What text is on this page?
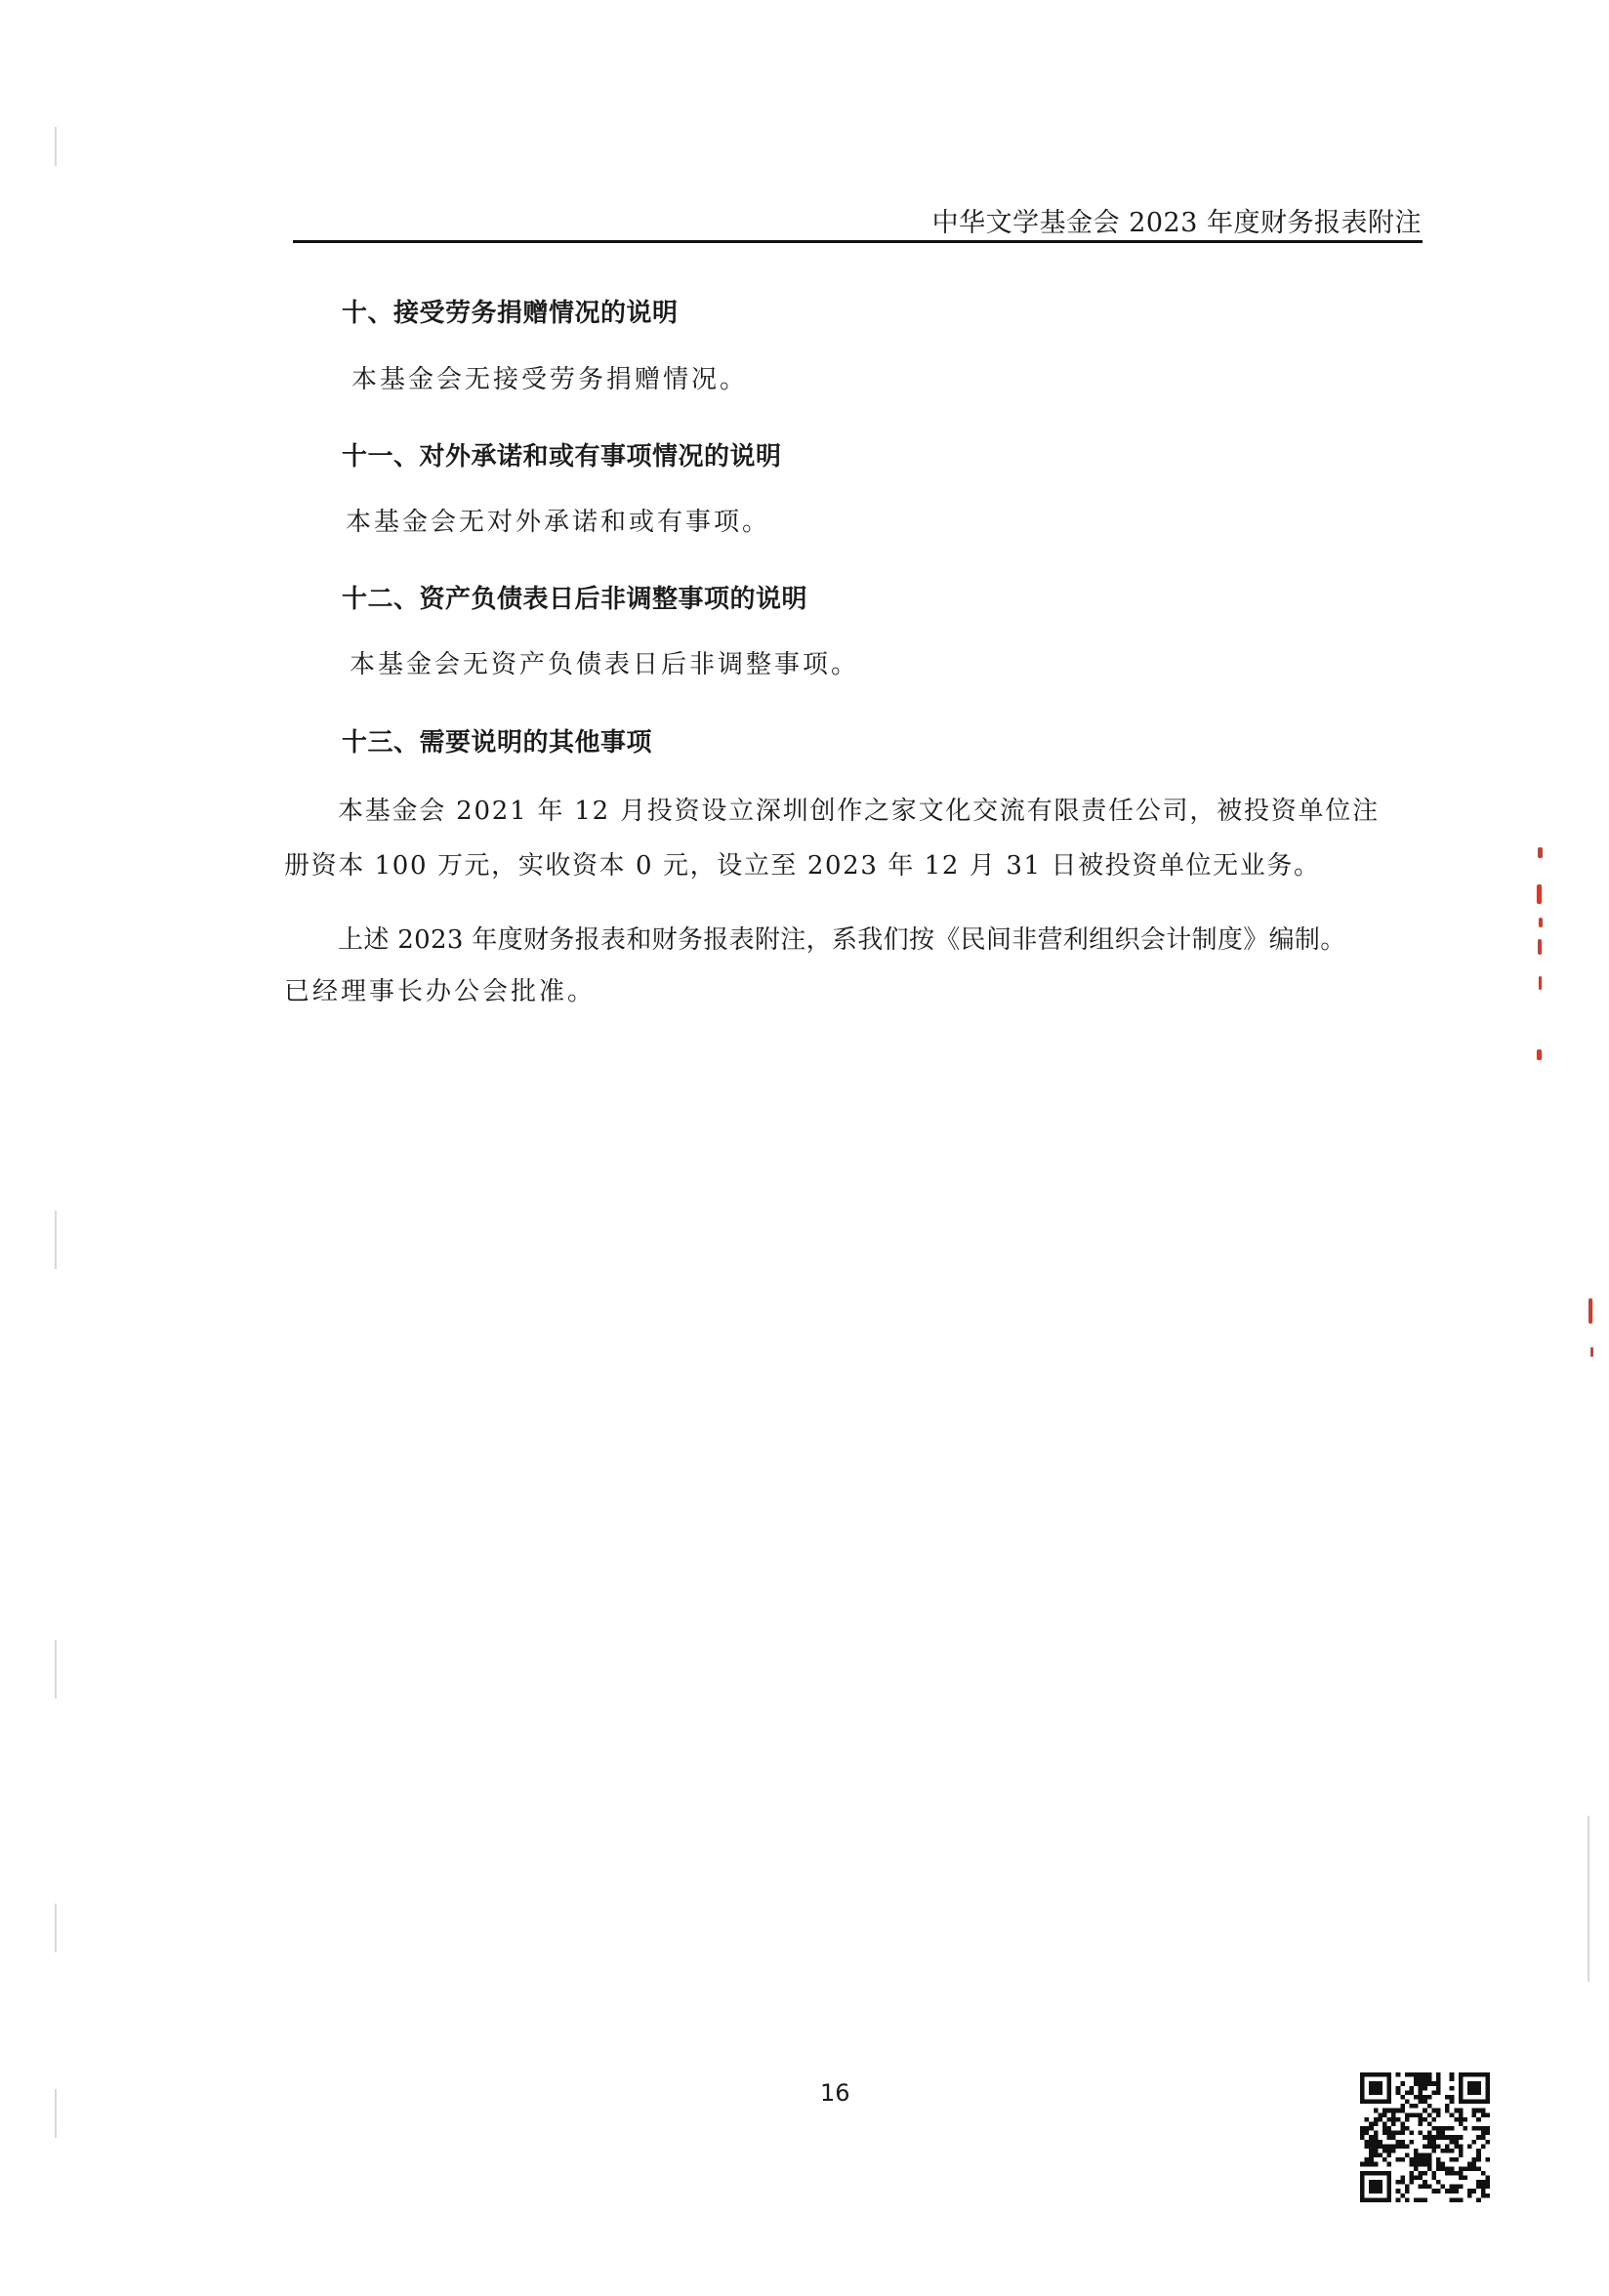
中华文学基金会 2023 年度财务报表附注
十、接受劳务捐赠情况的说明
本基金会无接受劳务捐赠情况。
十一、对外承诺和或有事项情况的说明
本基金会无对外承诺和或有事项。
十二、资产负债表日后非调整事项的说明
本基金会无资产负债表日后非调整事项。
十三、需要说明的其他事项
本基金会 2021 年 12 月投资设立深圳创作之家文化交流有限责任公司，被投资单位注
册资本 100 万元，实收资本 0 元，设立至 2023 年 12 月 31 日被投资单位无业务。
上述 2023 年度财务报表和财务报表附注，系我们按《民间非营利组织会计制度》编制。
已经理事长办公会批准。
16
